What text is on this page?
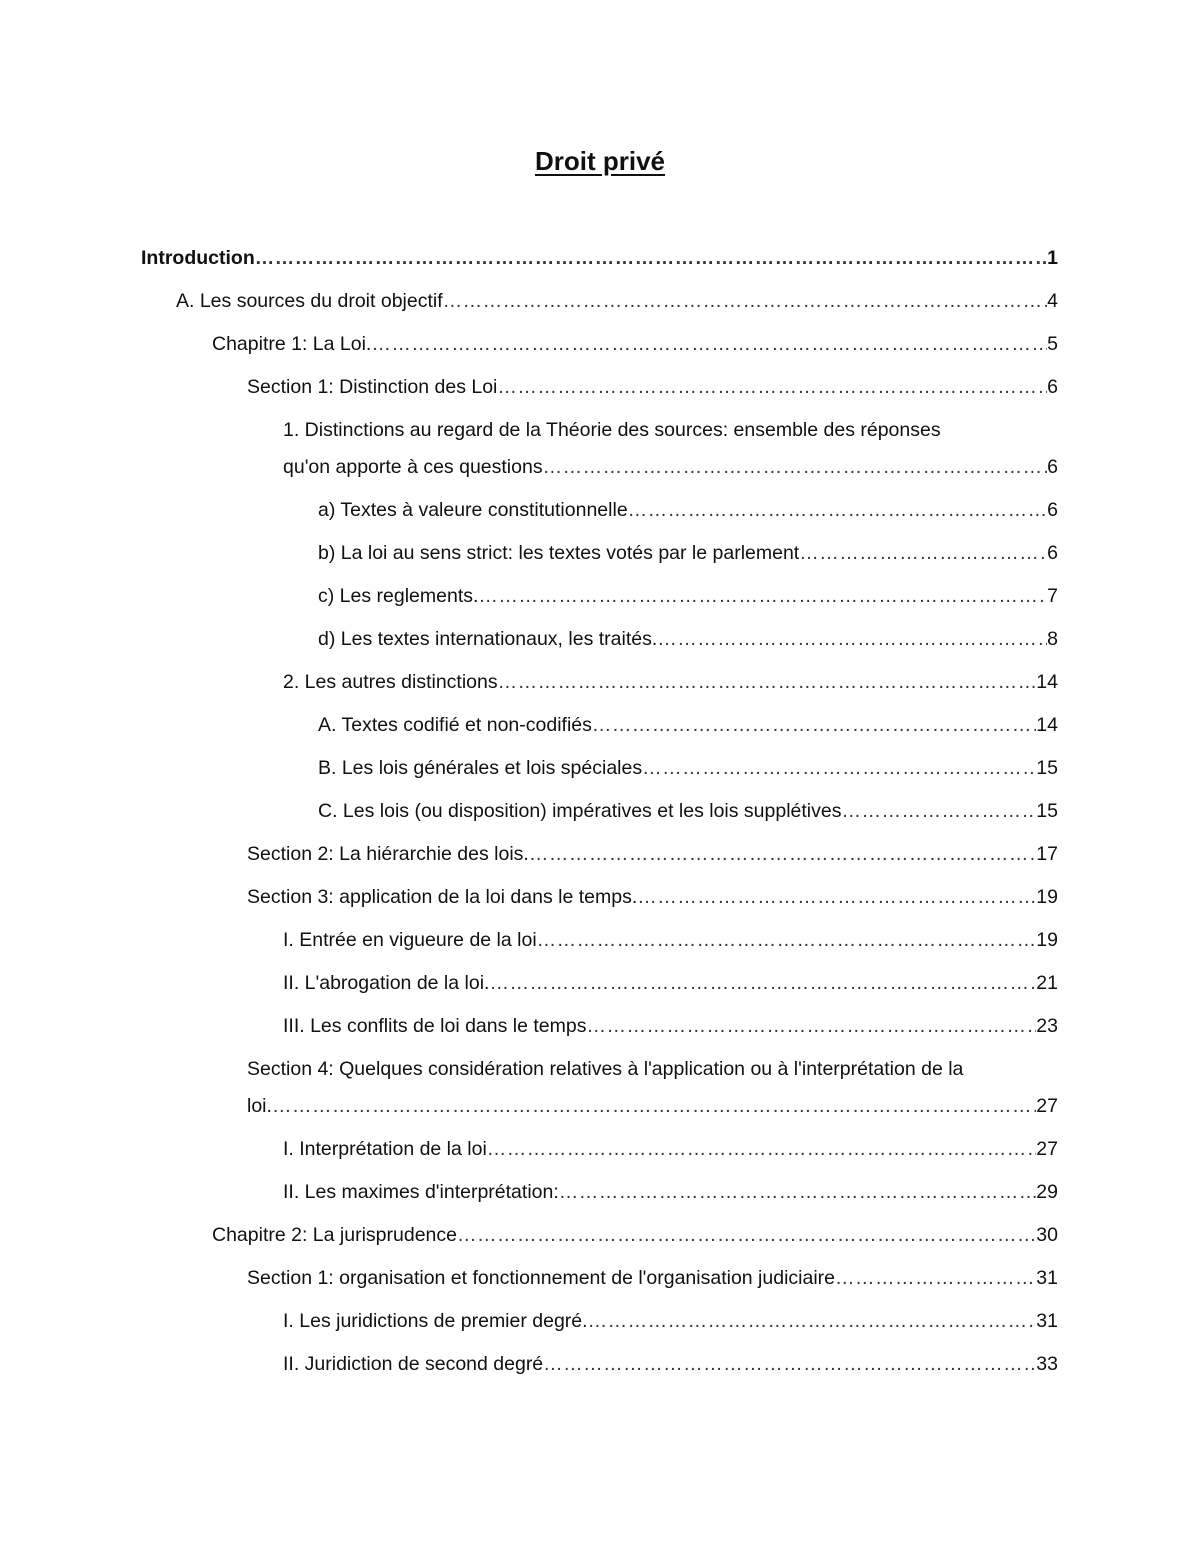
Droit privé
Introduction …………………………………………………………………………………………………………………………………………………………………………………………………………………………	1
A. Les sources du droit objectif …………………………………………………………………………………………………………………………………………………………………………………………………………………………	4
Chapitre 1: La Loi. …………………………………………………………………………………………………………………………………………………………………………………………………………………………	5
Section 1: Distinction des Loi …………………………………………………………………………………………………………………………………………………………………………………………………………………………	6
1. Distinctions au regard de la Théorie des sources: ensemble des réponses
qu'on apporte à ces questions …………………………………………………………………………………………………………………………………………………………………………………………………………………………	6
a) Textes à valeure constitutionnelle …………………………………………………………………………………………………………………………………………………………………………………………………………………………	6
b) La loi au sens strict: les textes votés par le parlement …………………………………………………………………………………………………………………………………………………………………………………………………………………………	6
c) Les reglements. …………………………………………………………………………………………………………………………………………………………………………………………………………………………	7
d) Les textes internationaux, les traités. …………………………………………………………………………………………………………………………………………………………………………………………………………………………	8
2. Les autres distinctions …………………………………………………………………………………………………………………………………………………………………………………………………………………………	14
A. Textes codifié et non-codifiés …………………………………………………………………………………………………………………………………………………………………………………………………………………………	14
B. Les lois générales et lois spéciales …………………………………………………………………………………………………………………………………………………………………………………………………………………………	15
C. Les lois (ou disposition) impératives et les lois supplétives …………………………………………………………………………………………………………………………………………………………………………………………………………………………	15
Section 2: La hiérarchie des lois. …………………………………………………………………………………………………………………………………………………………………………………………………………………………	17
Section 3: application de la loi dans le temps. …………………………………………………………………………………………………………………………………………………………………………………………………………………………	19
I. Entrée en vigueure de la loi …………………………………………………………………………………………………………………………………………………………………………………………………………………………	19
II. L'abrogation de la loi. …………………………………………………………………………………………………………………………………………………………………………………………………………………………	21
III. Les conflits de loi dans le temps …………………………………………………………………………………………………………………………………………………………………………………………………………………………	23
Section 4: Quelques considération relatives à l'application ou à l'interprétation de la
loi. …………………………………………………………………………………………………………………………………………………………………………………………………………………………	27
I. Interprétation de la loi …………………………………………………………………………………………………………………………………………………………………………………………………………………………	27
II. Les maximes d'interprétation: …………………………………………………………………………………………………………………………………………………………………………………………………………………………	29
Chapitre 2: La jurisprudence …………………………………………………………………………………………………………………………………………………………………………………………………………………………	30
Section 1: organisation et fonctionnement de l'organisation judiciaire …………………………………………………………………………………………………………………………………………………………………………………………………………………………	31
I. Les juridictions de premier degré. …………………………………………………………………………………………………………………………………………………………………………………………………………………………	31
II. Juridiction de second degré …………………………………………………………………………………………………………………………………………………………………………………………………………………………	33
